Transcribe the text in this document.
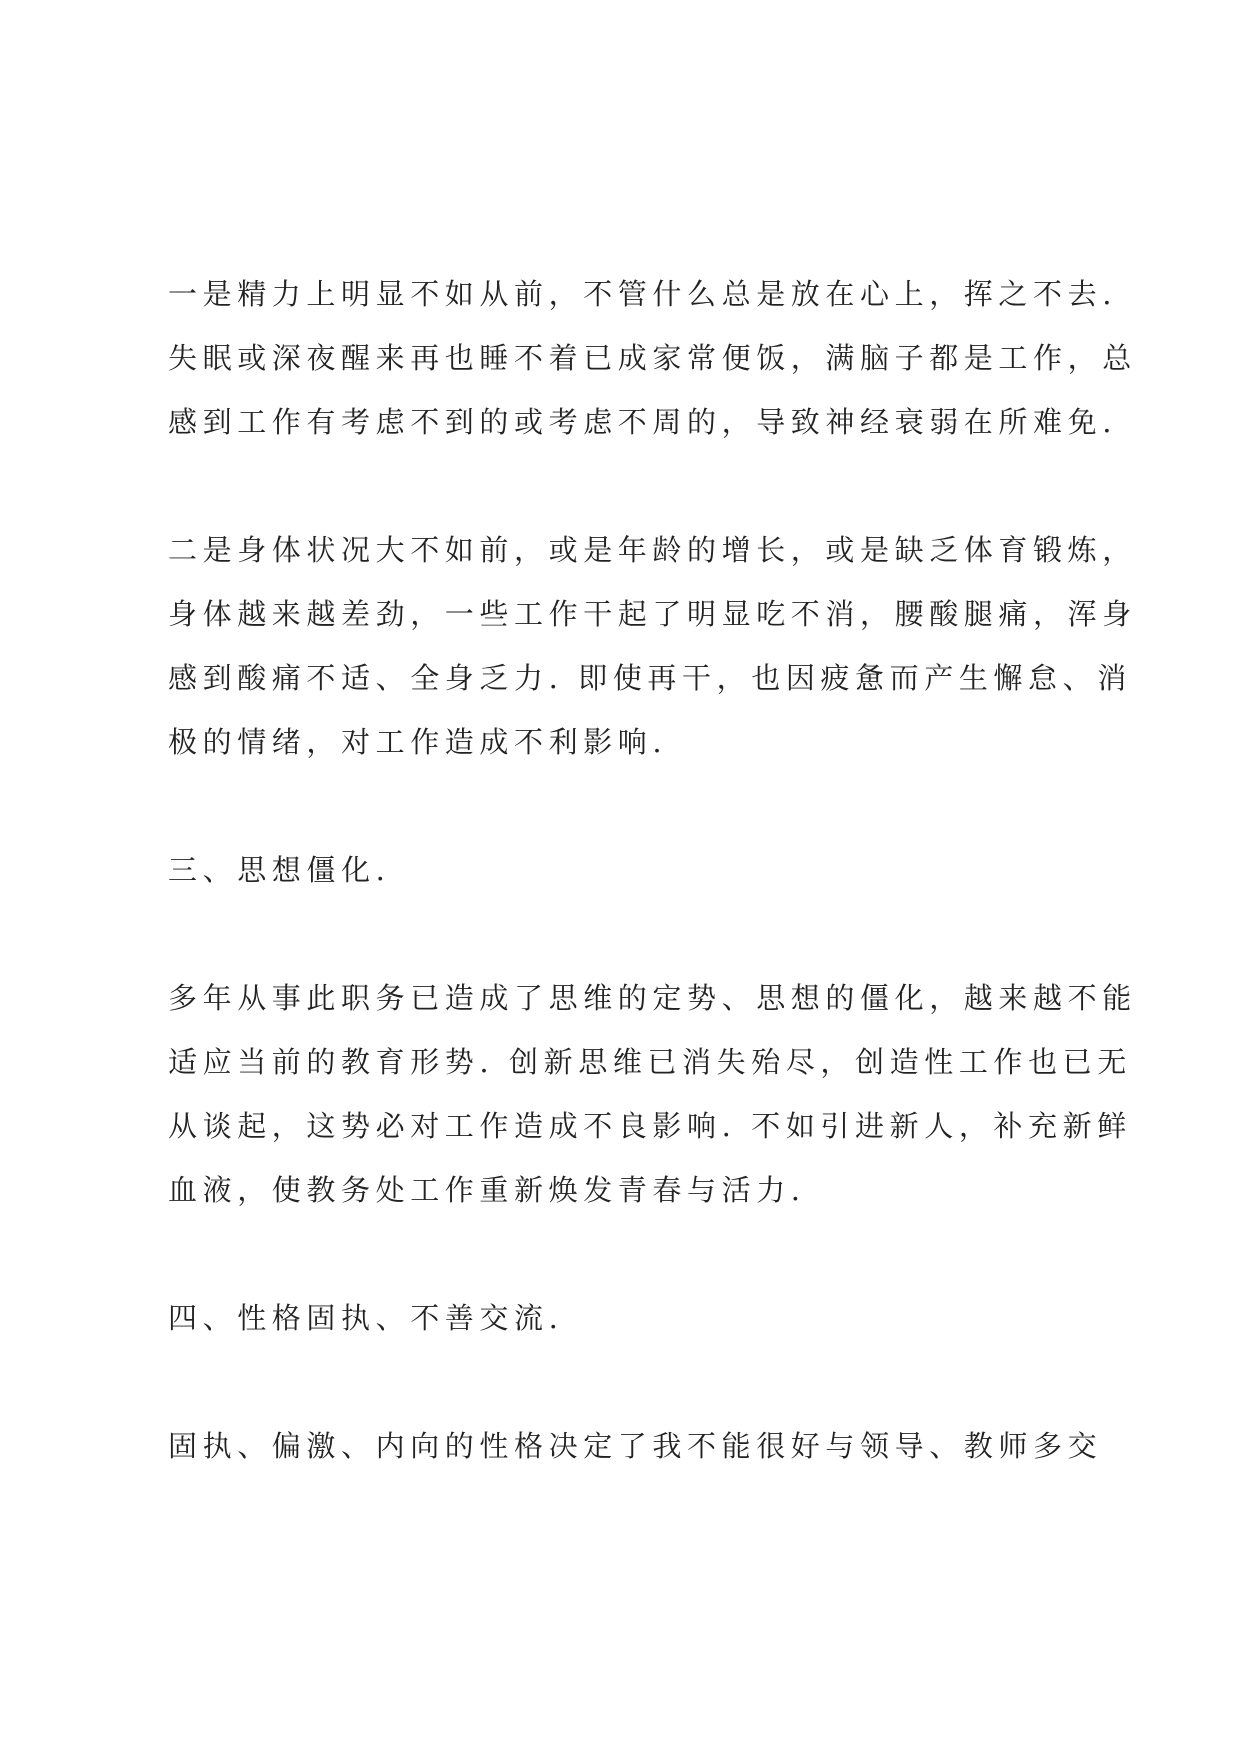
一是精力上明显不如从前，不管什么总是放在心上，挥之不去.
失眠或深夜醒来再也睡不着已成家常便饭，满脑子都是工作，总
感到工作有考虑不到的或考虑不周的，导致神经衰弱在所难免.

二是身体状况大不如前，或是年龄的增长，或是缺乏体育锻炼，
身体越来越差劲，一些工作干起了明显吃不消，腰酸腿痛，浑身
感到酸痛不适、全身乏力. 即使再干，也因疲惫而产生懈怠、消
极的情绪，对工作造成不利影响.

三、思想僵化.

多年从事此职务已造成了思维的定势、思想的僵化，越来越不能
适应当前的教育形势. 创新思维已消失殆尽，创造性工作也已无
从谈起，这势必对工作造成不良影响. 不如引进新人，补充新鲜
血液，使教务处工作重新焕发青春与活力.

四、性格固执、不善交流.

固执、偏激、内向的性格决定了我不能很好与领导、教师多交
